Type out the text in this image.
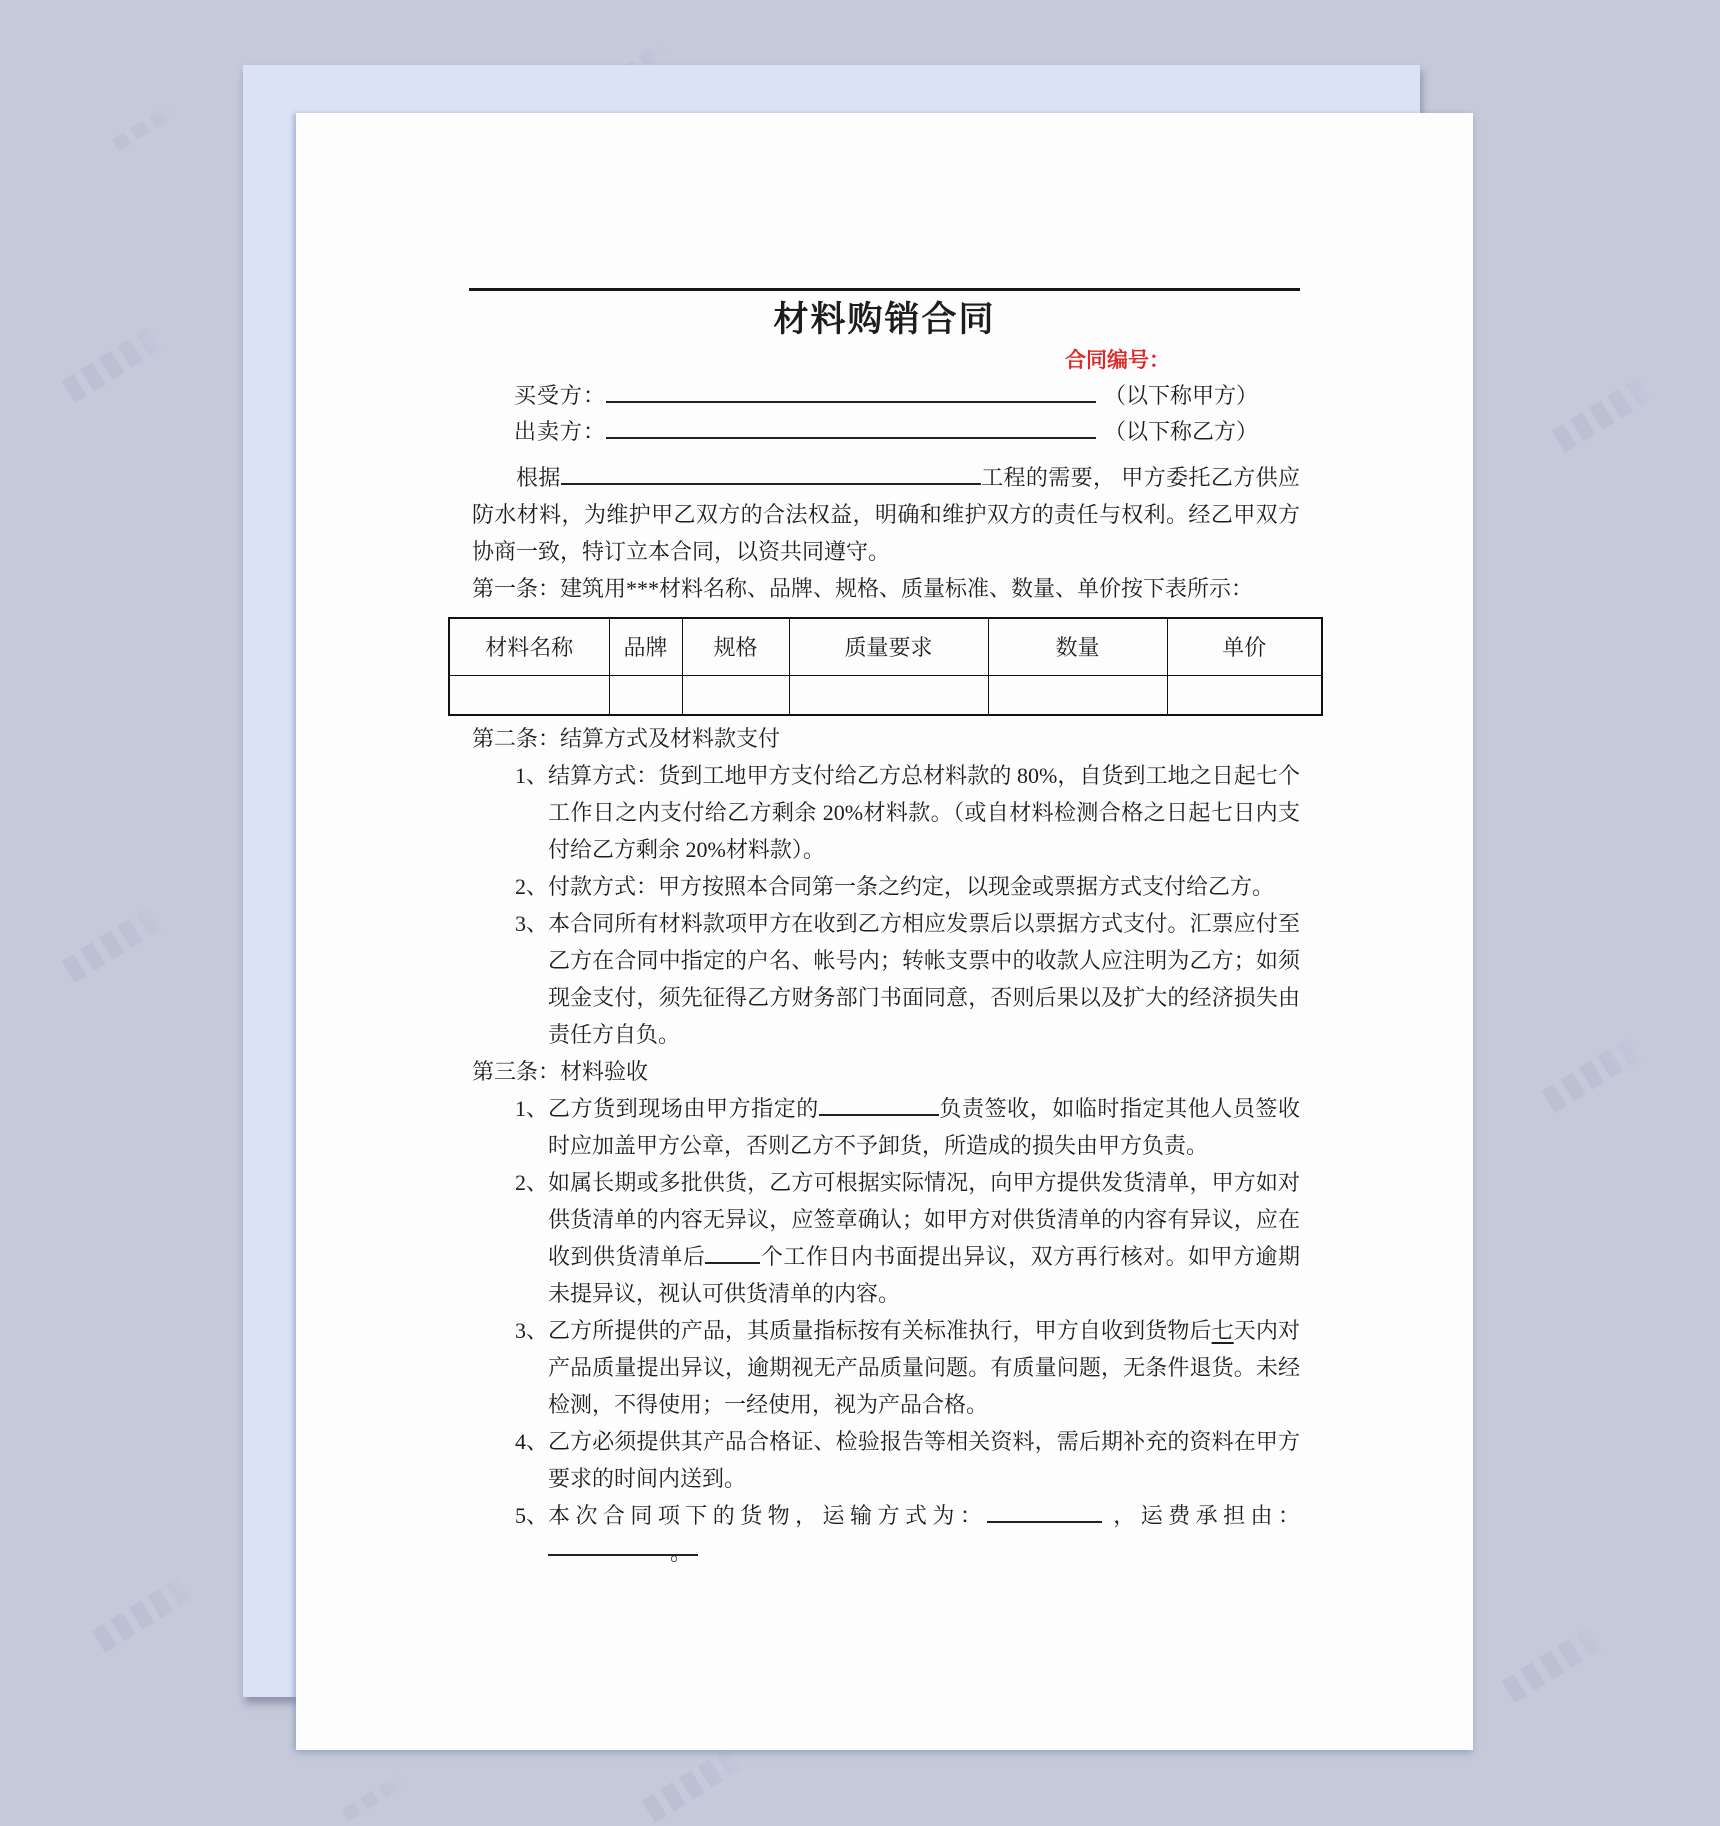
材料购销合同
合同编号：
买受方：	（以下称甲方）
出卖方：	（以下称乙方）

根据	工程的需要， 甲方委托乙方供应防水材料，为维护甲乙双方的合法权益，明确和维护双方的责任与权利。经乙甲双方协商一致，特订立本合同，以资共同遵守。

第一条：建筑用***材料名称、品牌、规格、质量标准、数量、单价按下表所示：
材料名称	品牌	规格	质量要求	数量	单价

第二条：结算方式及材料款支付
1、 结算方式：货到工地甲方支付给乙方总材料款的 80%，自货到工地之日起七个工作日之内支付给乙方剩余 20%材料款。（或自材料检测合格之日起七日内支付给乙方剩余 20%材料款）。
2、 付款方式：甲方按照本合同第一条之约定，以现金或票据方式支付给乙方。
3、 本合同所有材料款项甲方在收到乙方相应发票后以票据方式支付。汇票应付至乙方在合同中指定的户名、帐号内；转帐支票中的收款人应注明为乙方；如须现金支付，须先征得乙方财务部门书面同意，否则后果以及扩大的经济损失由责任方自负。
第三条：材料验收
1、 乙方货到现场由甲方指定的	负责签收，如临时指定其他人员签收时应加盖甲方公章，否则乙方不予卸货，所造成的损失由甲方负责。
2、 如属长期或多批供货，乙方可根据实际情况，向甲方提供发货清单，甲方如对供货清单的内容无异议，应签章确认；如甲方对供货清单的内容有异议，应在收到供货清单后	个工作日内书面提出异议，双方再行核对。如甲方逾期未提异议，视认可供货清单的内容。
3、 乙方所提供的产品，其质量指标按有关标准执行，甲方自收到货物后七天内对产品质量提出异议，逾期视无产品质量问题。有质量问题，无条件退货。未经检测，不得使用；一经使用，视为产品合格。
4、 乙方必须提供其产品合格证、检验报告等相关资料，需后期补充的资料在甲方要求的时间内送到。
5、 本次合同项下的货物，运输方式为：	，运费承担由：。
